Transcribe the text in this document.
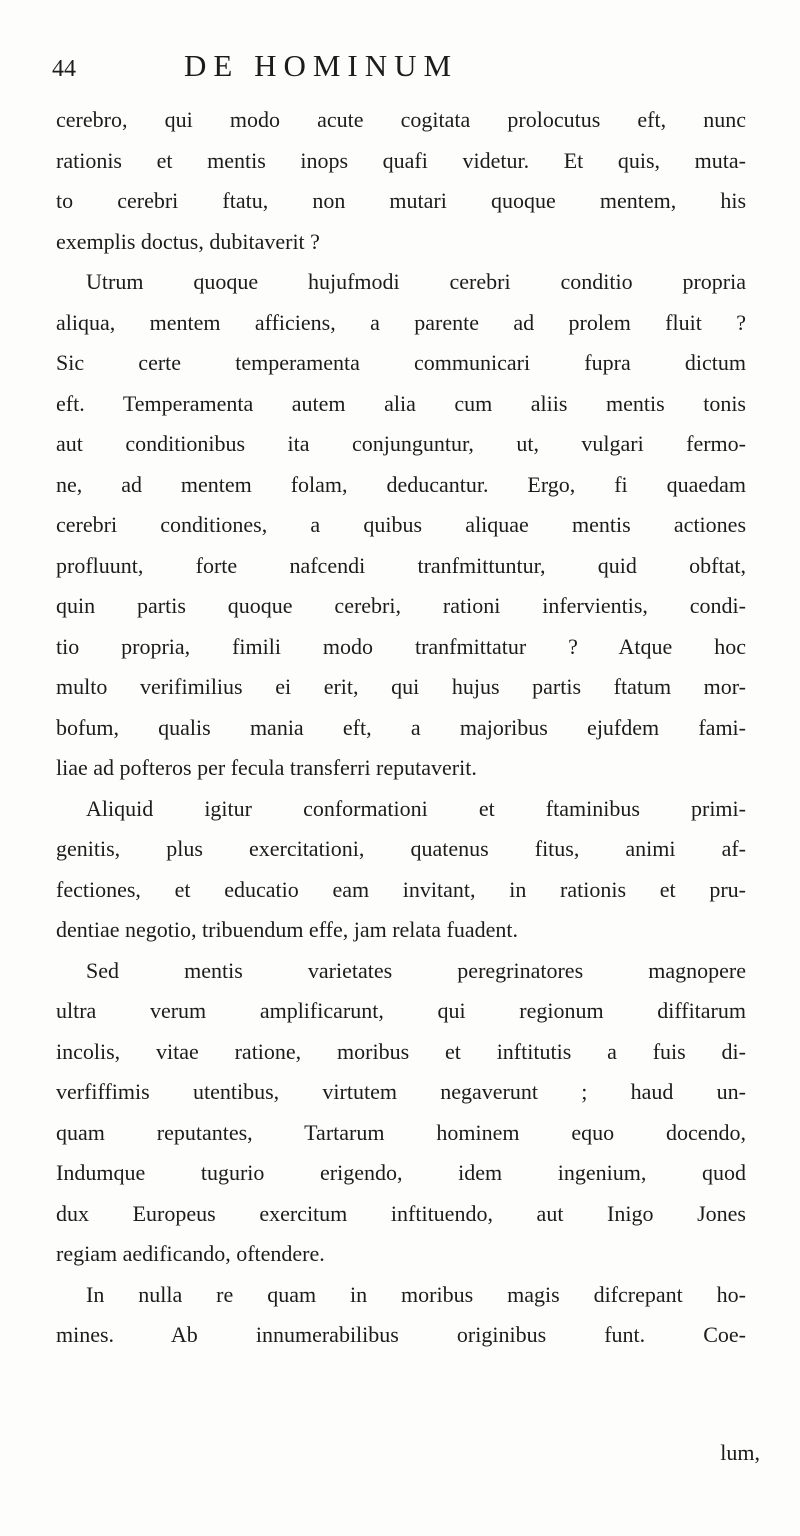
44	DE HOMINUM
cerebro, qui modo acute cogitata prolocutus eft, nunc
rationis et mentis inops quafi videtur. Et quis, muta-
to cerebri ftatu, non mutari quoque mentem, his
exemplis doctus, dubitaverit ?
Utrum quoque hujufmodi cerebri conditio propria
aliqua, mentem afficiens, a parente ad prolem fluit ?
Sic certe temperamenta communicari fupra dictum
eft. Temperamenta autem alia cum aliis mentis tonis
aut conditionibus ita conjunguntur, ut, vulgari fermo-
ne, ad mentem folam, deducantur. Ergo, fi quaedam
cerebri conditiones, a quibus aliquae mentis actiones
profluunt, forte nafcendi tranfmittuntur, quid obftat,
quin partis quoque cerebri, rationi infervientis, condi-
tio propria, fimili modo tranfmittatur ? Atque hoc
multo verifimilius ei erit, qui hujus partis ftatum mor-
bofum, qualis mania eft, a majoribus ejufdem fami-
liae ad pofteros per fecula transferri reputaverit.
Aliquid igitur conformationi et ftaminibus primi-
genitis, plus exercitationi, quatenus fitus, animi af-
fectiones, et educatio eam invitant, in rationis et pru-
dentiae negotio, tribuendum effe, jam relata fuadent.
Sed mentis varietates peregrinatores magnopere
ultra verum amplificarunt, qui regionum diffitarum
incolis, vitae ratione, moribus et inftitutis a fuis di-
verfiffimis utentibus, virtutem negaverunt ; haud un-
quam reputantes, Tartarum hominem equo docendo,
Indumque tugurio erigendo, idem ingenium, quod
dux Europeus exercitum inftituendo, aut Inigo Jones
regiam aedificando, oftendere.
In nulla re quam in moribus magis difcrepant ho-
mines. Ab innumerabilibus originibus funt. Coe-
lum,
